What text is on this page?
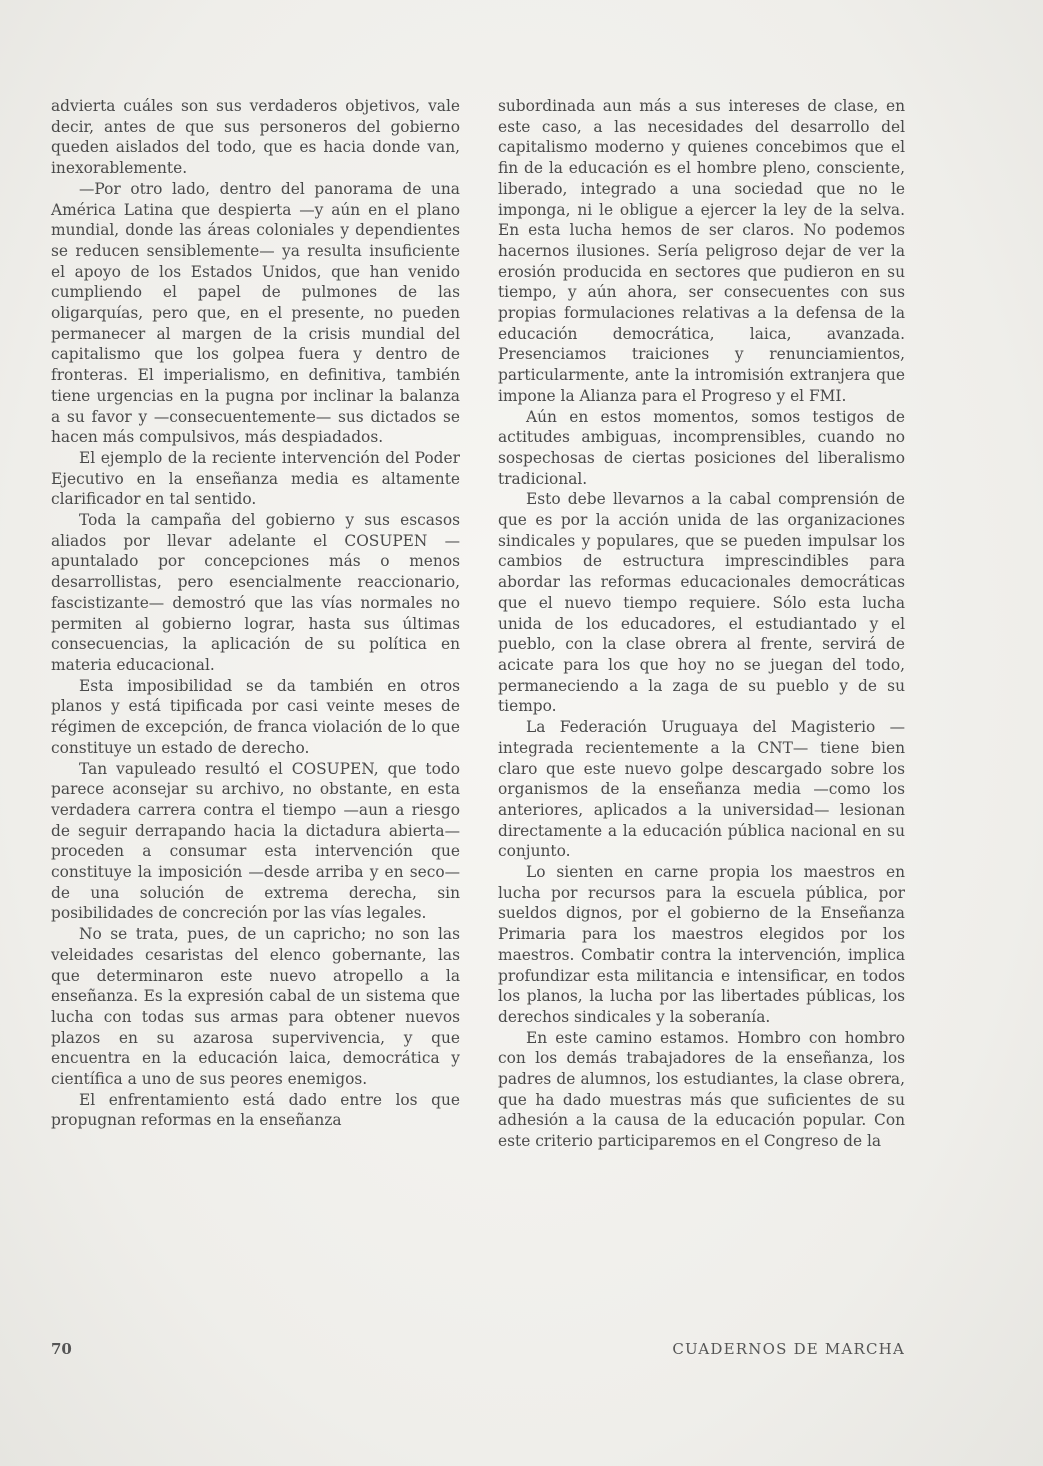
advierta cuáles son sus verdaderos objetivos, vale decir, antes de que sus personeros del gobierno queden aislados del todo, que es hacia donde van, inexorablemente.

—Por otro lado, dentro del panorama de una América Latina que despierta —y aún en el plano mundial, donde las áreas coloniales y dependientes se reducen sensiblemente— ya resulta insuficiente el apoyo de los Estados Unidos, que han venido cumpliendo el papel de pulmones de las oligarquías, pero que, en el presente, no pueden permanecer al margen de la crisis mundial del capitalismo que los golpea fuera y dentro de fronteras. El imperialismo, en definitiva, también tiene urgencias en la pugna por inclinar la balanza a su favor y —consecuentemente— sus dictados se hacen más compulsivos, más despiadados.

El ejemplo de la reciente intervención del Poder Ejecutivo en la enseñanza media es altamente clarificador en tal sentido.

Toda la campaña del gobierno y sus escasos aliados por llevar adelante el COSUPEN —apuntalado por concepciones más o menos desarrollistas, pero esencialmente reaccionario, fascistizante— demostró que las vías normales no permiten al gobierno lograr, hasta sus últimas consecuencias, la aplicación de su política en materia educacional.

Esta imposibilidad se da también en otros planos y está tipificada por casi veinte meses de régimen de excepción, de franca violación de lo que constituye un estado de derecho.

Tan vapuleado resultó el COSUPEN, que todo parece aconsejar su archivo, no obstante, en esta verdadera carrera contra el tiempo —aun a riesgo de seguir derrapando hacia la dictadura abierta— proceden a consumar esta intervención que constituye la imposición —desde arriba y en seco— de una solución de extrema derecha, sin posibilidades de concreción por las vías legales.

No se trata, pues, de un capricho; no son las veleidades cesaristas del elenco gobernante, las que determinaron este nuevo atropello a la enseñanza. Es la expresión cabal de un sistema que lucha con todas sus armas para obtener nuevos plazos en su azarosa supervivencia, y que encuentra en la educación laica, democrática y científica a uno de sus peores enemigos.

El enfrentamiento está dado entre los que propugnan reformas en la enseñanza

subordinada aun más a sus intereses de clase, en este caso, a las necesidades del desarrollo del capitalismo moderno y quienes concebimos que el fin de la educación es el hombre pleno, consciente, liberado, integrado a una sociedad que no le imponga, ni le obligue a ejercer la ley de la selva. En esta lucha hemos de ser claros. No podemos hacernos ilusiones. Sería peligroso dejar de ver la erosión producida en sectores que pudieron en su tiempo, y aún ahora, ser consecuentes con sus propias formulaciones relativas a la defensa de la educación democrática, laica, avanzada. Presenciamos traiciones y renunciamientos, particularmente, ante la intromisión extranjera que impone la Alianza para el Progreso y el FMI.

Aún en estos momentos, somos testigos de actitudes ambiguas, incomprensibles, cuando no sospechosas de ciertas posiciones del liberalismo tradicional.

Esto debe llevarnos a la cabal comprensión de que es por la acción unida de las organizaciones sindicales y populares, que se pueden impulsar los cambios de estructura imprescindibles para abordar las reformas educacionales democráticas que el nuevo tiempo requiere. Sólo esta lucha unida de los educadores, el estudiantado y el pueblo, con la clase obrera al frente, servirá de acicate para los que hoy no se juegan del todo, permaneciendo a la zaga de su pueblo y de su tiempo.

La Federación Uruguaya del Magisterio —integrada recientemente a la CNT— tiene bien claro que este nuevo golpe descargado sobre los organismos de la enseñanza media —como los anteriores, aplicados a la universidad— lesionan directamente a la educación pública nacional en su conjunto.

Lo sienten en carne propia los maestros en lucha por recursos para la escuela pública, por sueldos dignos, por el gobierno de la Enseñanza Primaria para los maestros elegidos por los maestros. Combatir contra la intervención, implica profundizar esta militancia e intensificar, en todos los planos, la lucha por las libertades públicas, los derechos sindicales y la soberanía.

En este camino estamos. Hombro con hombro con los demás trabajadores de la enseñanza, los padres de alumnos, los estudiantes, la clase obrera, que ha dado muestras más que suficientes de su adhesión a la causa de la educación popular. Con este criterio participaremos en el Congreso de la

70	CUADERNOS DE MARCHA
